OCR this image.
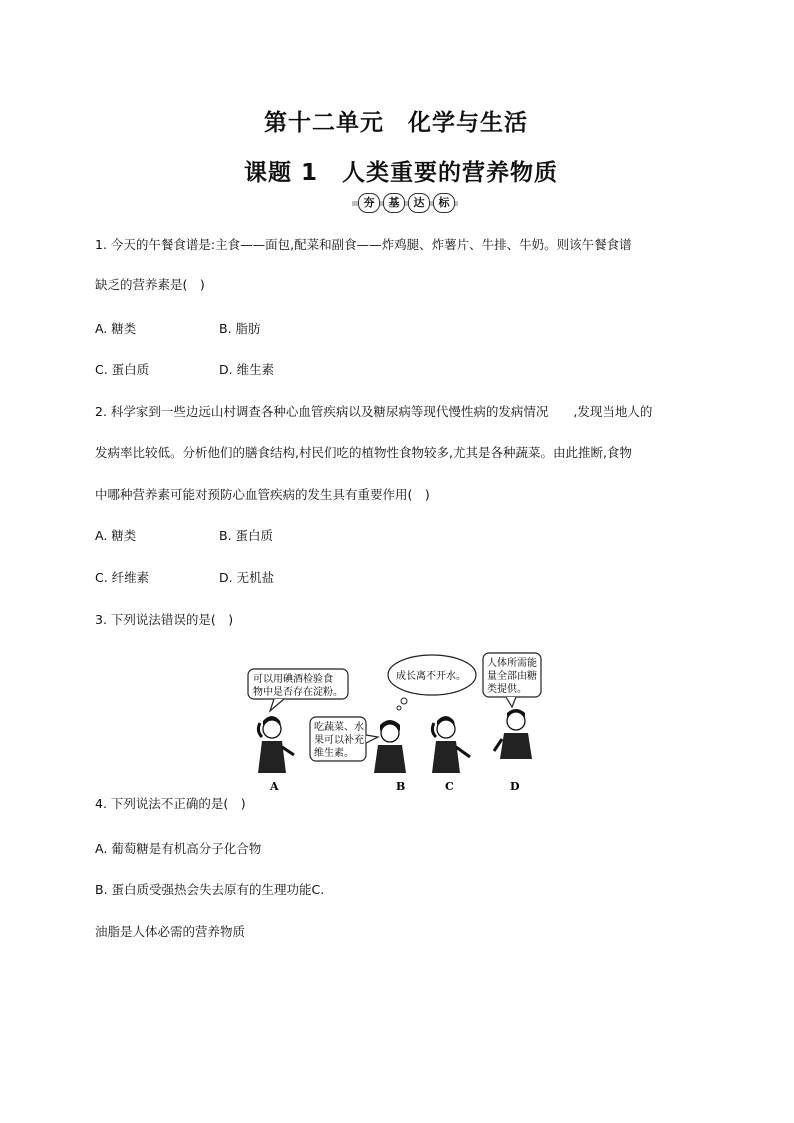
第十二单元　化学与生活
课题 1　人类重要的营养物质
夯	基	达	标
1. 今天的午餐食谱是:主食——面包,配菜和副食——炸鸡腿、炸薯片、牛排、牛奶。则该午餐食谱
缺乏的营养素是(　)
A. 糖类	B. 脂肪
C. 蛋白质	D. 维生素
2. 科学家到一些边远山村调查各种心血管疾病以及糖尿病等现代慢性病的发病情况　　,发现当地人的
发病率比较低。分析他们的膳食结构,村民们吃的植物性食物较多,尤其是各种蔬菜。由此推断,食物
中哪种营养素可能对预防心血管疾病的发生具有重要作用(　)
A. 糖类	B. 蛋白质
C. 纤维素	D. 无机盐
3. 下列说法错误的是(　)
可以用碘酒检验食
物中是否存在淀粉。
吃蔬菜、水
果可以补充
维生素。
成长离不开水。
人体所需能
量全部由糖
类提供。
A	B	C	D
4. 下列说法不正确的是(　)
A. 葡萄糖是有机高分子化合物
B. 蛋白质受强热会失去原有的生理功能C.
油脂是人体必需的营养物质
